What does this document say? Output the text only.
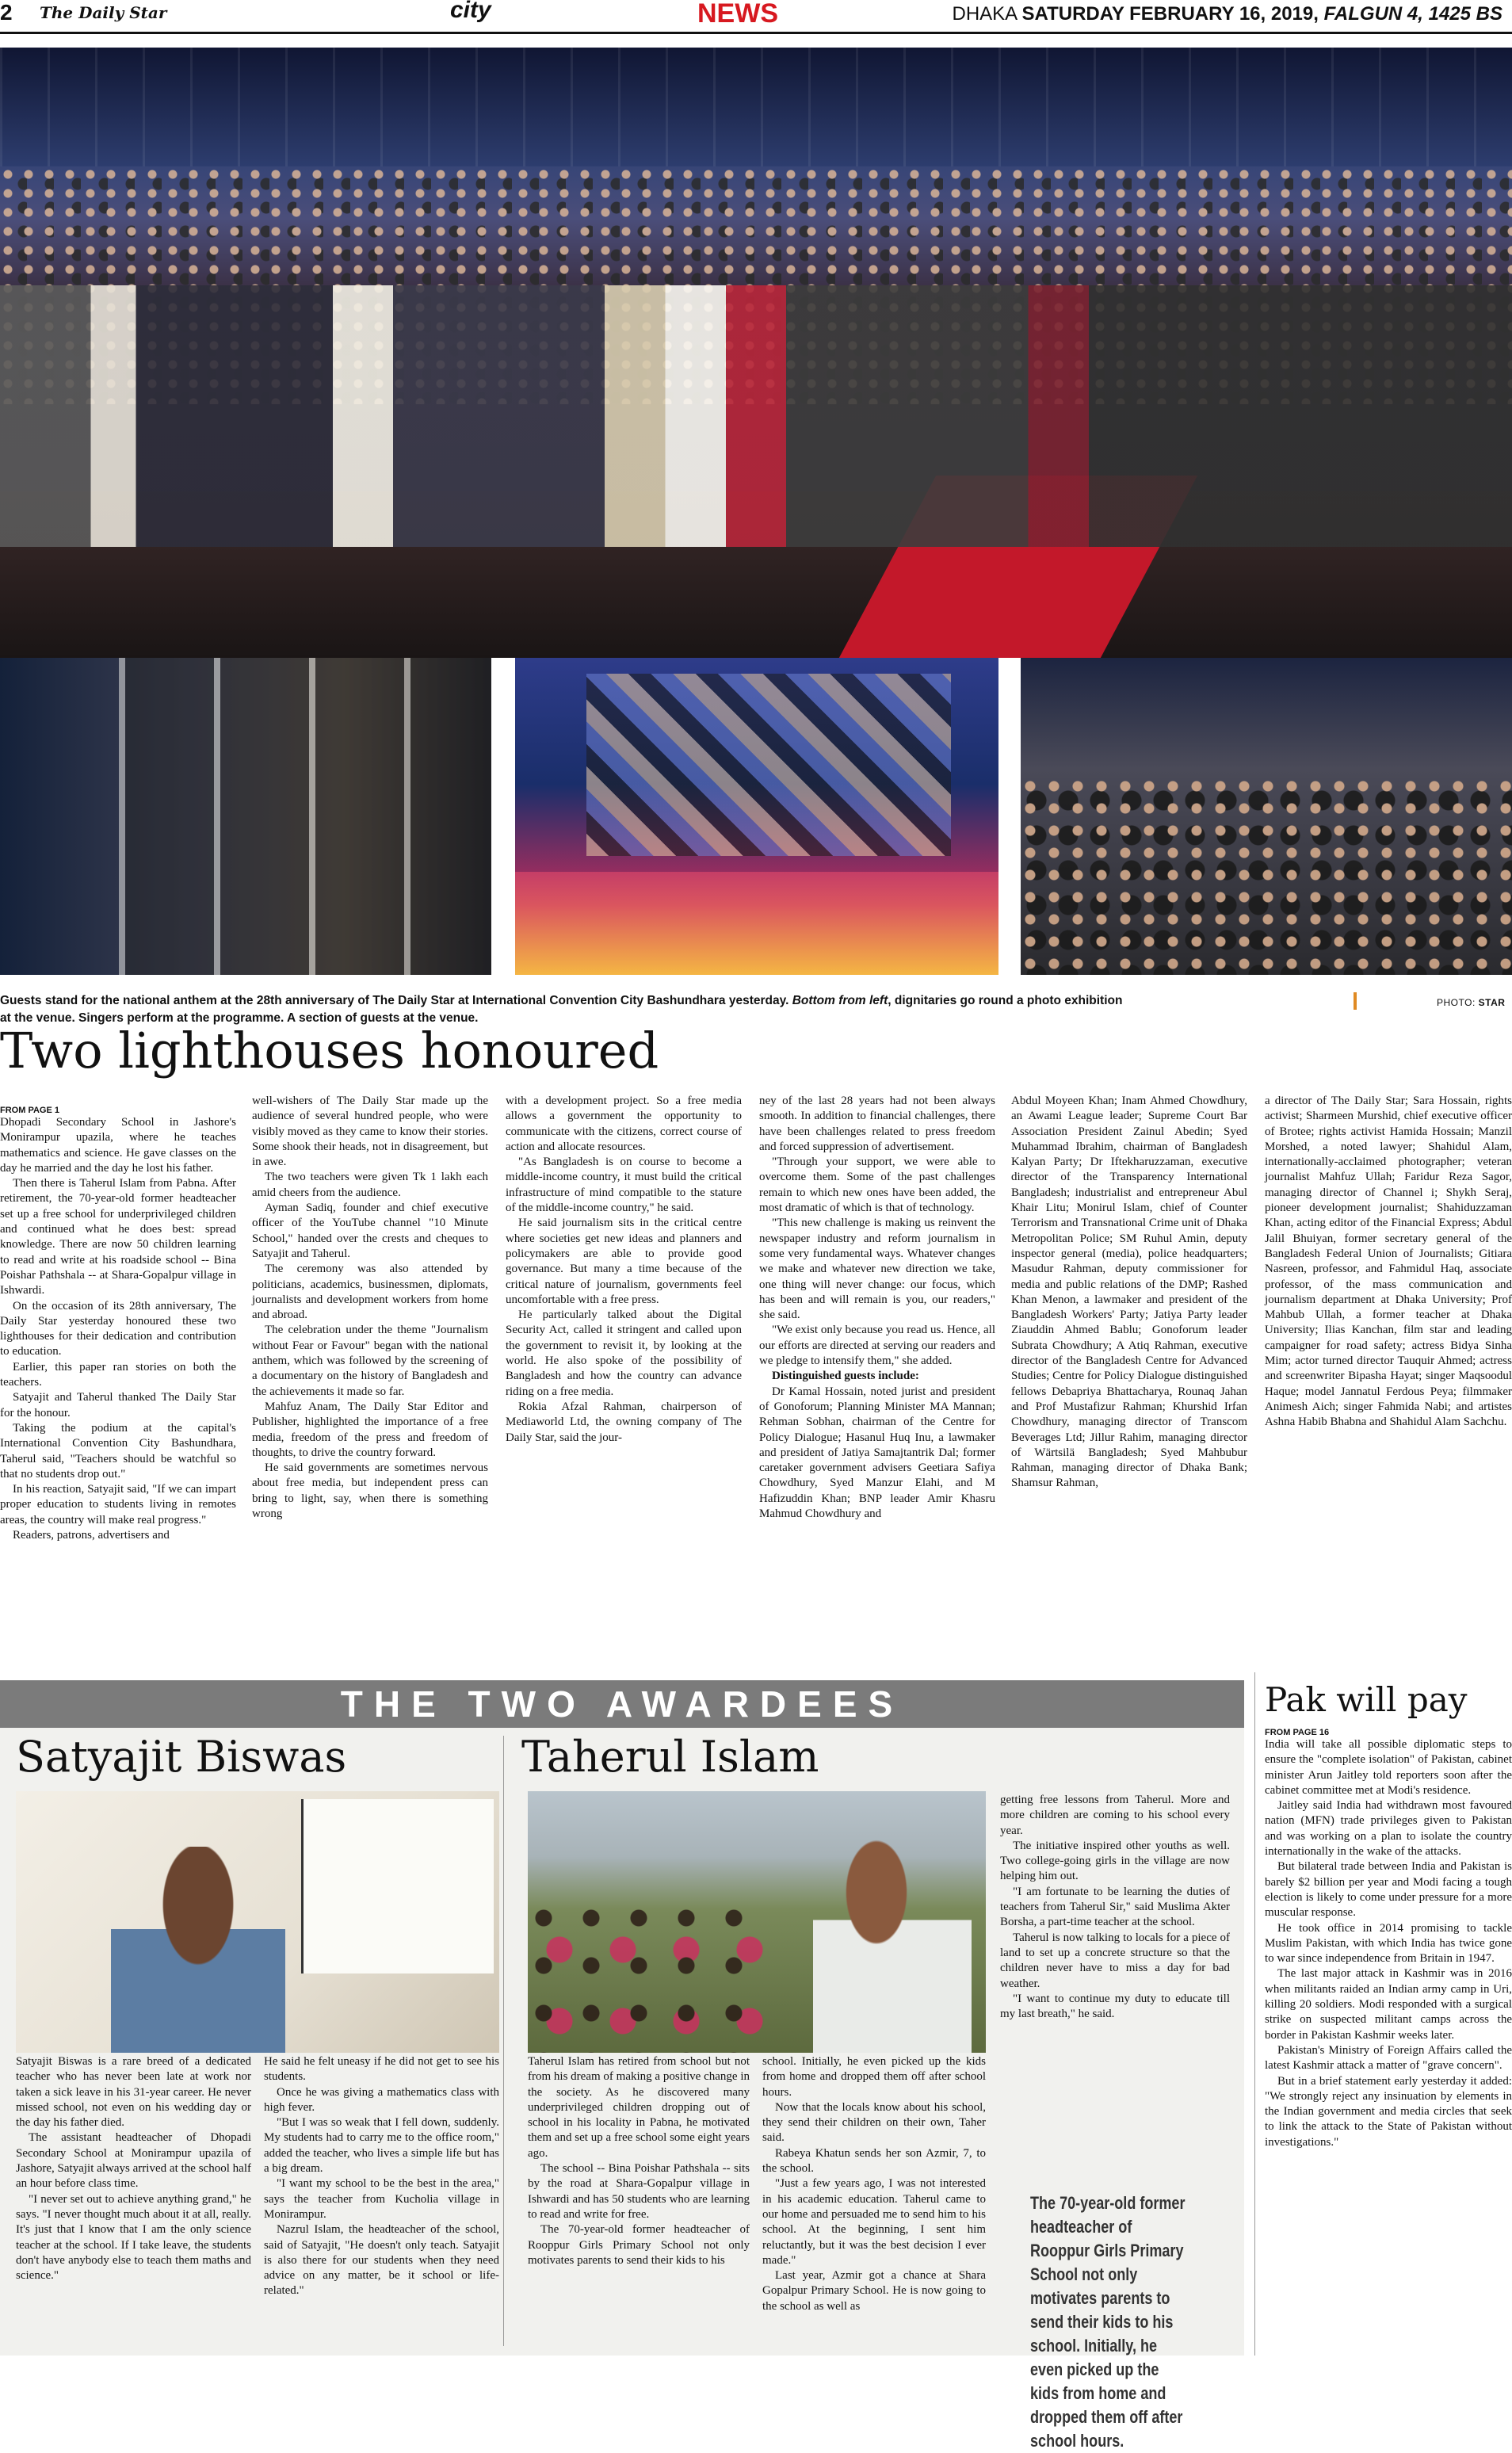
2 The Daily Star	city	NEWS	DHAKA SATURDAY FEBRUARY 16, 2019, FALGUN 4, 1425 BS
Guests stand for the national anthem at the 28th anniversary of The Daily Star at International Convention City Bashundhara yesterday. Bottom from left, dignitaries go round a photo exhibition at the venue. Singers perform at the programme. A section of guests at the venue.
PHOTO: STAR
Two lighthouses honoured

FROM PAGE 1

Dhopadi Secondary School in Jashore's Monirampur upazila, where he teaches mathematics and science. He gave classes on the day he married and the day he lost his father.

Then there is Taherul Islam from Pabna. After retirement, the 70-year-old former headteacher set up a free school for underprivileged children and continued what he does best: spread knowledge. There are now 50 children learning to read and write at his roadside school -- Bina Poishar Pathshala -- at Shara-Gopalpur village in Ishwardi.

On the occasion of its 28th anniversary, The Daily Star yesterday honoured these two lighthouses for their dedication and contribution to education.

Earlier, this paper ran stories on both the teachers.

Satyajit and Taherul thanked The Daily Star for the honour.

Taking the podium at the capital's International Convention City Bashundhara, Taherul said, "Teachers should be watchful so that no students drop out."

In his reaction, Satyajit said, "If we can impart proper education to students living in remotes areas, the country will make real progress."

Readers, patrons, advertisers and

well-wishers of The Daily Star made up the audience of several hundred people, who were visibly moved as they came to know their stories. Some shook their heads, not in disagreement, but in awe.

The two teachers were given Tk 1 lakh each amid cheers from the audience.

Ayman Sadiq, founder and chief executive officer of the YouTube channel "10 Minute School," handed over the crests and cheques to Satyajit and Taherul.

The ceremony was also attended by politicians, academics, businessmen, diplomats, journalists and development workers from home and abroad.

The celebration under the theme "Journalism without Fear or Favour" began with the national anthem, which was followed by the screening of a documentary on the history of Bangladesh and the achievements it made so far.

Mahfuz Anam, The Daily Star Editor and Publisher, highlighted the importance of a free media, freedom of the press and freedom of thoughts, to drive the country forward.

He said governments are sometimes nervous about free media, but independent press can bring to light, say, when there is something wrong

with a development project. So a free media allows a government the opportunity to communicate with the citizens, correct course of action and allocate resources.

"As Bangladesh is on course to become a middle-income country, it must build the critical infrastructure of mind compatible to the stature of the middle-income country," he said.

He said journalism sits in the critical centre where societies get new ideas and planners and policymakers are able to provide good governance. But many a time because of the critical nature of journalism, governments feel uncomfortable with a free press.

He particularly talked about the Digital Security Act, called it stringent and called upon the government to revisit it, by looking at the world. He also spoke of the possibility of Bangladesh and how the country can advance riding on a free media.

Rokia Afzal Rahman, chairperson of Mediaworld Ltd, the owning company of The Daily Star, said the jour-

ney of the last 28 years had not been always smooth. In addition to financial challenges, there have been challenges related to press freedom and forced suppression of advertisement.

"Through your support, we were able to overcome them. Some of the past challenges remain to which new ones have been added, the most dramatic of which is that of technology.

"This new challenge is making us reinvent the newspaper industry and reform journalism in some very fundamental ways. Whatever changes we make and whatever new direction we take, one thing will never change: our focus, which has been and will remain is you, our readers," she said.

"We exist only because you read us. Hence, all our efforts are directed at serving our readers and we pledge to intensify them," she added.

Distinguished guests include:

Dr Kamal Hossain, noted jurist and president of Gonoforum; Planning Minister MA Mannan; Rehman Sobhan, chairman of the Centre for Policy Dialogue; Hasanul Huq Inu, a lawmaker and president of Jatiya Samajtantrik Dal; former caretaker government advisers Geetiara Safiya Chowdhury, Syed Manzur Elahi, and M Hafizuddin Khan; BNP leader Amir Khasru Mahmud Chowdhury and

Abdul Moyeen Khan; Inam Ahmed Chowdhury, an Awami League leader; Supreme Court Bar Association President Zainul Abedin; Syed Muhammad Ibrahim, chairman of Bangladesh Kalyan Party; Dr Iftekharuzzaman, executive director of the Transparency International Bangladesh; industrialist and entrepreneur Abul Khair Litu; Monirul Islam, chief of Counter Terrorism and Transnational Crime unit of Dhaka Metropolitan Police; SM Ruhul Amin, deputy inspector general (media), police headquarters; Masudur Rahman, deputy commissioner for media and public relations of the DMP; Rashed Khan Menon, a lawmaker and president of the Bangladesh Workers' Party; Jatiya Party leader Ziauddin Ahmed Bablu; Gonoforum leader Subrata Chowdhury; A Atiq Rahman, executive director of the Bangladesh Centre for Advanced Studies; Centre for Policy Dialogue distinguished fellows Debapriya Bhattacharya, Rounaq Jahan and Prof Mustafizur Rahman; Khurshid Irfan Chowdhury, managing director of Transcom Beverages Ltd; Jillur Rahim, managing director of Wärtsilä Bangladesh; Syed Mahbubur Rahman, managing director of Dhaka Bank; Shamsur Rahman,

a director of The Daily Star; Sara Hossain, rights activist; Sharmeen Murshid, chief executive officer of Brotee; rights activist Hamida Hossain; Manzil Morshed, a noted lawyer; Shahidul Alam, internationally-acclaimed photographer; veteran journalist Mahfuz Ullah; Faridur Reza Sagor, managing director of Channel i; Shykh Seraj, pioneer development journalist; Shahiduzzaman Khan, acting editor of the Financial Express; Abdul Jalil Bhuiyan, former secretary general of the Bangladesh Federal Union of Journalists; Gitiara Nasreen, professor, and Fahmidul Haq, associate professor, of the mass communication and journalism department at Dhaka University; Prof Mahbub Ullah, a former teacher at Dhaka University; Ilias Kanchan, film star and leading campaigner for road safety; actress Bidya Sinha Mim; actor turned director Tauquir Ahmed; actress and screenwriter Bipasha Hayat; singer Maqsoodul Haque; model Jannatul Ferdous Peya; filmmaker Animesh Aich; singer Fahmida Nabi; and artistes Ashna Habib Bhabna and Shahidul Alam Sachchu.

THE TWO AWARDEES
Satyajit Biswas	Taherul Islam

Satyajit Biswas is a rare breed of a dedicated teacher who has never been late at work nor taken a sick leave in his 31-year career. He never missed school, not even on his wedding day or the day his father died.

The assistant headteacher of Dhopadi Secondary School at Monirampur upazila of Jashore, Satyajit always arrived at the school half an hour before class time.

"I never set out to achieve anything grand," he says. "I never thought much about it at all, really. It's just that I know that I am the only science teacher at the school. If I take leave, the students don't have anybody else to teach them maths and science."

He said he felt uneasy if he did not get to see his students.

Once he was giving a mathematics class with high fever.

"But I was so weak that I fell down, suddenly. My students had to carry me to the office room," added the teacher, who lives a simple life but has a big dream.

"I want my school to be the best in the area," says the teacher from Kucholia village in Monirampur.

Nazrul Islam, the headteacher of the school, said of Satyajit, "He doesn't only teach. Satyajit is also there for our students when they need advice on any matter, be it school or life-related."

Taherul Islam has retired from school but not from his dream of making a positive change in the society. As he discovered many underprivileged children dropping out of school in his locality in Pabna, he motivated them and set up a free school some eight years ago.

The school -- Bina Poishar Pathshala -- sits by the road at Shara-Gopalpur village in Ishwardi and has 50 students who are learning to read and write for free.

The 70-year-old former headteacher of Rooppur Girls Primary School not only motivates parents to send their kids to his

school. Initially, he even picked up the kids from home and dropped them off after school hours.

Now that the locals know about his school, they send their children on their own, Taher said.

Rabeya Khatun sends her son Azmir, 7, to the school.

"Just a few years ago, I was not interested in his academic education. Taherul came to our home and persuaded me to send him to his school. At the beginning, I sent him reluctantly, but it was the best decision I ever made."

Last year, Azmir got a chance at Shara Gopalpur Primary School. He is now going to the school as well as

getting free lessons from Taherul. More and more children are coming to his school every year.

The initiative inspired other youths as well. Two college-going girls in the village are now helping him out.

"I am fortunate to be learning the duties of teachers from Taherul Sir," said Muslima Akter Borsha, a part-time teacher at the school.

Taherul is now talking to locals for a piece of land to set up a concrete structure so that the children never have to miss a day for bad weather.

"I want to continue my duty to educate till my last breath," he said.

The 70-year-old former headteacher of Rooppur Girls Primary School not only motivates parents to send their kids to his school. Initially, he even picked up the kids from home and dropped them off after school hours.
Pak will pay

FROM PAGE 16

India will take all possible diplomatic steps to ensure the "complete isolation" of Pakistan, cabinet minister Arun Jaitley told reporters soon after the cabinet committee met at Modi's residence.

Jaitley said India had withdrawn most favoured nation (MFN) trade privileges given to Pakistan and was working on a plan to isolate the country internationally in the wake of the attacks.

But bilateral trade between India and Pakistan is barely $2 billion per year and Modi facing a tough election is likely to come under pressure for a more muscular response.

He took office in 2014 promising to tackle Muslim Pakistan, with which India has twice gone to war since independence from Britain in 1947.

The last major attack in Kashmir was in 2016 when militants raided an Indian army camp in Uri, killing 20 soldiers. Modi responded with a surgical strike on suspected militant camps across the border in Pakistan Kashmir weeks later.

Pakistan's Ministry of Foreign Affairs called the latest Kashmir attack a matter of "grave concern".

But in a brief statement early yesterday it added: "We strongly reject any insinuation by elements in the Indian government and media circles that seek to link the attack to the State of Pakistan without investigations."
